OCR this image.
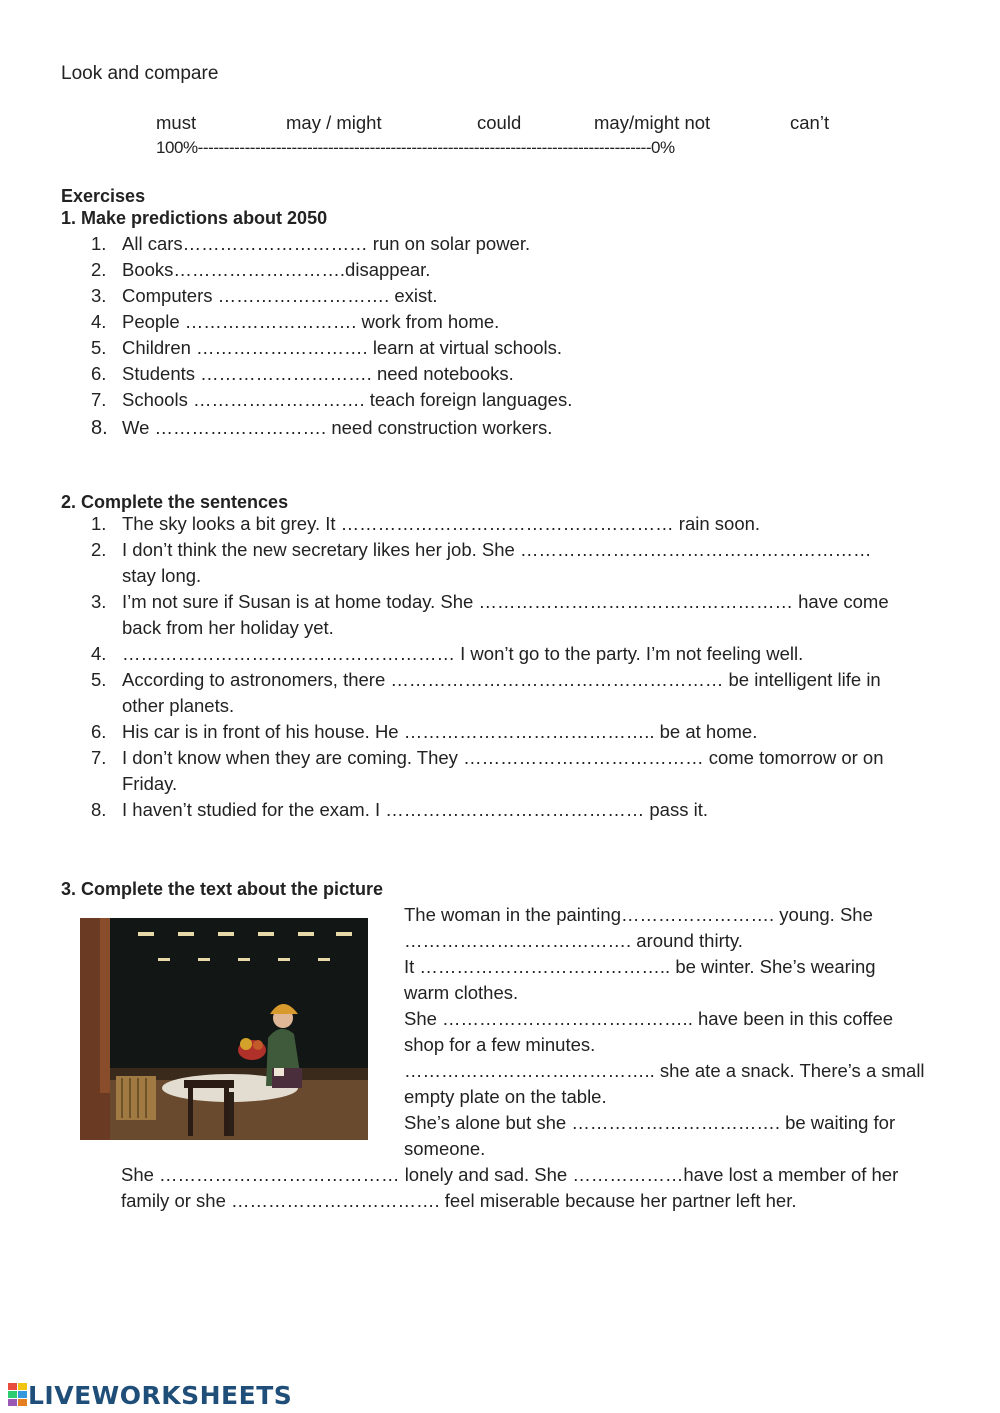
Look and compare
must	may / might	could	may/might not	can’t
100%---------------------------------------------------------------------------------------0%
Exercises
1. Make predictions about 2050
1. All cars………………………… run on solar power.
2. Books……………………….disappear.
3. Computers ………………………. exist.
4. People ………………………. work from home.
5. Children ………………………. learn at virtual schools.
6. Students ………………………. need notebooks.
7. Schools ………………………. teach foreign languages.
8. We ………………………. need construction workers.
2. Complete the sentences
1. The sky looks a bit grey. It ……………………………………………… rain soon.
2. I don’t think the new secretary likes her job. She …………………………………………………
stay long.
3. I’m not sure if Susan is at home today. She …………………………………………… have come
back from her holiday yet.
4. ……………………………………………… I won’t go to the party. I’m not feeling well.
5. According to astronomers, there ……………………………………………… be intelligent life in
other planets.
6. His car is in front of his house. He ………………………………….. be at home.
7. I don’t know when they are coming. They ………………………………… come tomorrow or on
Friday.
8. I haven’t studied for the exam. I …………………………………… pass it.
3. Complete the text about the picture
The woman in the painting……………………. young. She
………………………………. around thirty.
It ………………………………….. be winter. She’s wearing
warm clothes.
She ………………………………….. have been in this coffee
shop for a few minutes.
………………………………….. she ate a snack. There’s a small
empty plate on the table.
She’s alone but she ……………………………. be waiting for
someone.
She ………………………………… lonely and sad. She ………………have lost a member of her
family or she ……………………………. feel miserable because her partner left her.
LIVEWORKSHEETS
